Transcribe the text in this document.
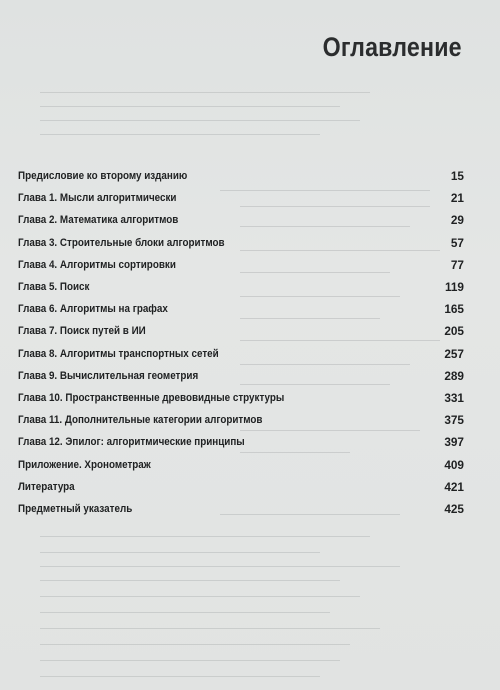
Оглавление
Предисловие ко второму изданию	15
Глава 1. Мысли алгоритмически	21
Глава 2. Математика алгоритмов	29
Глава 3. Строительные блоки алгоритмов	57
Глава 4. Алгоритмы сортировки	77
Глава 5. Поиск	119
Глава 6. Алгоритмы на графах	165
Глава 7. Поиск путей в ИИ	205
Глава 8. Алгоритмы транспортных сетей	257
Глава 9. Вычислительная геометрия	289
Глава 10. Пространственные древовидные структуры	331
Глава 11. Дополнительные категории алгоритмов	375
Глава 12. Эпилог: алгоритмические принципы	397
Приложение. Хронометраж	409
Литература	421
Предметный указатель	425
